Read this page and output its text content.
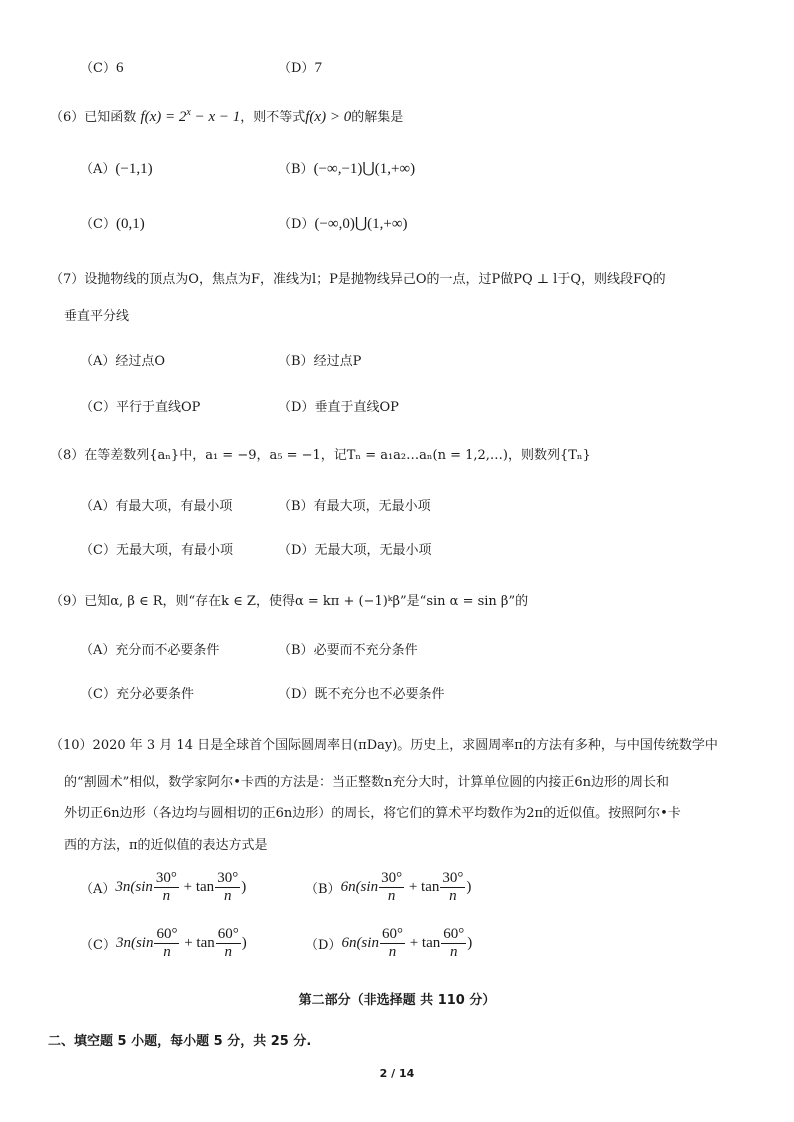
（C）6	（D）7
（6）已知函数 $f(x) = 2^x - x - 1$，则不等式f(x) > 0的解集是
（A）(−1,1)	（B）(−∞,−1)⋃(1,+∞)
（C）(0,1)	（D）(−∞,0)⋃(1,+∞)
（7）设抛物线的顶点为O，焦点为F，准线为l；P是抛物线异己O的一点，过P做PQ ⊥ l于Q，则线段FQ的
垂直平分线
（A）经过点O	（B）经过点P
（C）平行于直线OP	（D）垂直于直线OP
（8）在等差数列{aₙ}中，a₁ = −9，a₅ = −1，记Tₙ = a₁a₂…aₙ(n = 1,2,…)，则数列{Tₙ}
（A）有最大项，有最小项	（B）有最大项，无最小项
（C）无最大项，有最小项	（D）无最大项，无最小项
（9）已知α, β ∈ R，则“存在k ∈ Z，使得α = kπ + (−1)ᵏβ”是“sin α = sin β”的
（A）充分而不必要条件	（B）必要而不充分条件
（C）充分必要条件	（D）既不充分也不必要条件
（10）2020 年 3 月 14 日是全球首个国际圆周率日(πDay)。历史上，求圆周率π的方法有多种，与中国传统数学中
的“割圆术”相似，数学家阿尔•卡西的方法是：当正整数n充分大时，计算单位圆的内接正6n边形的周长和
外切正6n边形（各边均与圆相切的正6n边形）的周长，将它们的算术平均数作为2π的近似值。按照阿尔•卡
西的方法，π的近似值的表达方式是
$(A)3n(\sin \frac{30^\circ}{n} + \tan \frac{30^\circ}{n}$ )	$(B)6n(\sin \frac{30^\circ}{n} + \tan \frac{30^\circ}{n}$ )
$(C)3n(\sin \frac{60^\circ}{n} + \tan \frac{60^\circ}{n}$ )	$(D)6n(\sin \frac{60^\circ}{n} + \tan \frac{60^\circ}{n}$ )
第二部分（非选择题 共 110 分）
二、填空题 5 小题，每小题 5 分，共 25 分.
2 / 14
